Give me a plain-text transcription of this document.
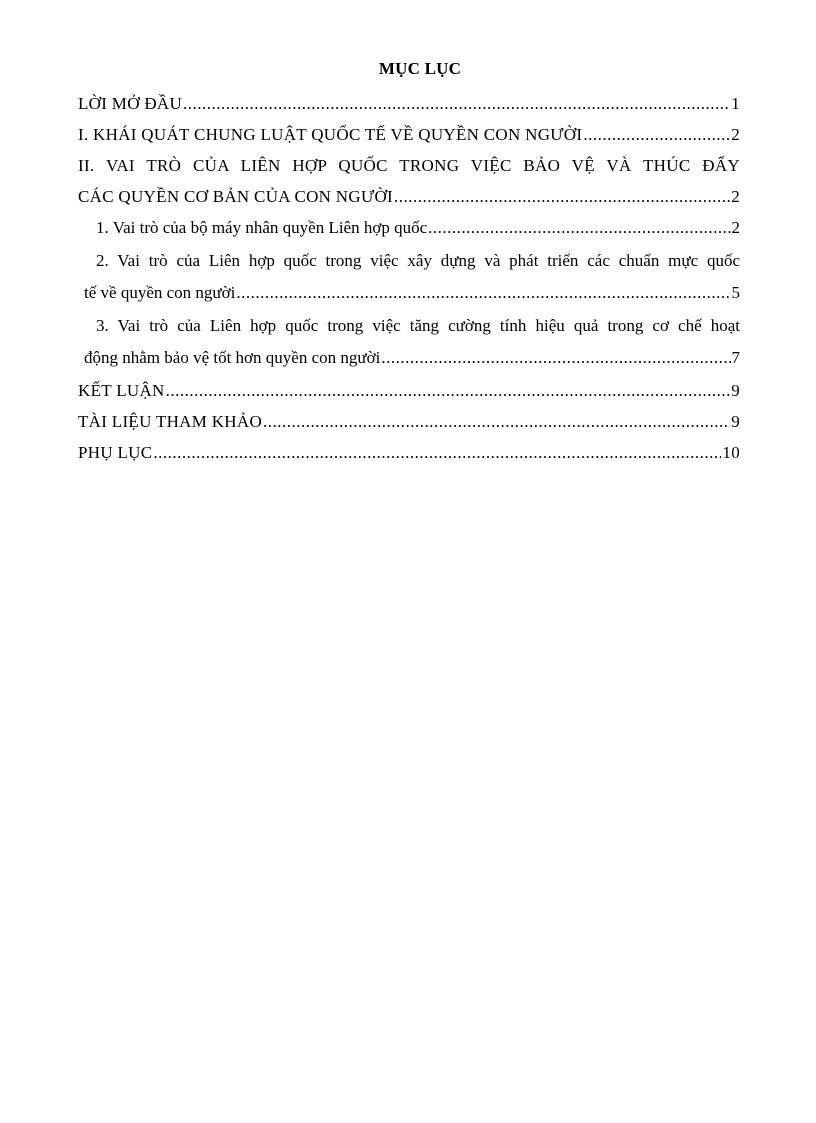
MỤC LỤC
LỜI MỞ ĐẦU .....	1
I. KHÁI QUÁT CHUNG LUẬT QUỐC TẾ VỀ QUYỀN CON NGƯỜI .....	2
II. VAI TRÒ CỦA LIÊN HỢP QUỐC TRONG VIỆC BẢO VỆ VÀ THÚC ĐẨY
CÁC QUYỀN CƠ BẢN CỦA CON NGƯỜI .....	2
1. Vai trò của bộ máy nhân quyền Liên hợp quốc .....	2
2. Vai trò của Liên hợp quốc trong việc xây dựng và phát triển các chuẩn mực quốc
tế về quyền con người .....	5
3. Vai trò của Liên hợp quốc trong việc tăng cường tính hiệu quả trong cơ chế hoạt
động nhằm bảo vệ tốt hơn quyền con người .....	7
KẾT LUẬN .....	9
TÀI LIỆU THAM KHẢO .....	9
PHỤ LỤC .....	10
